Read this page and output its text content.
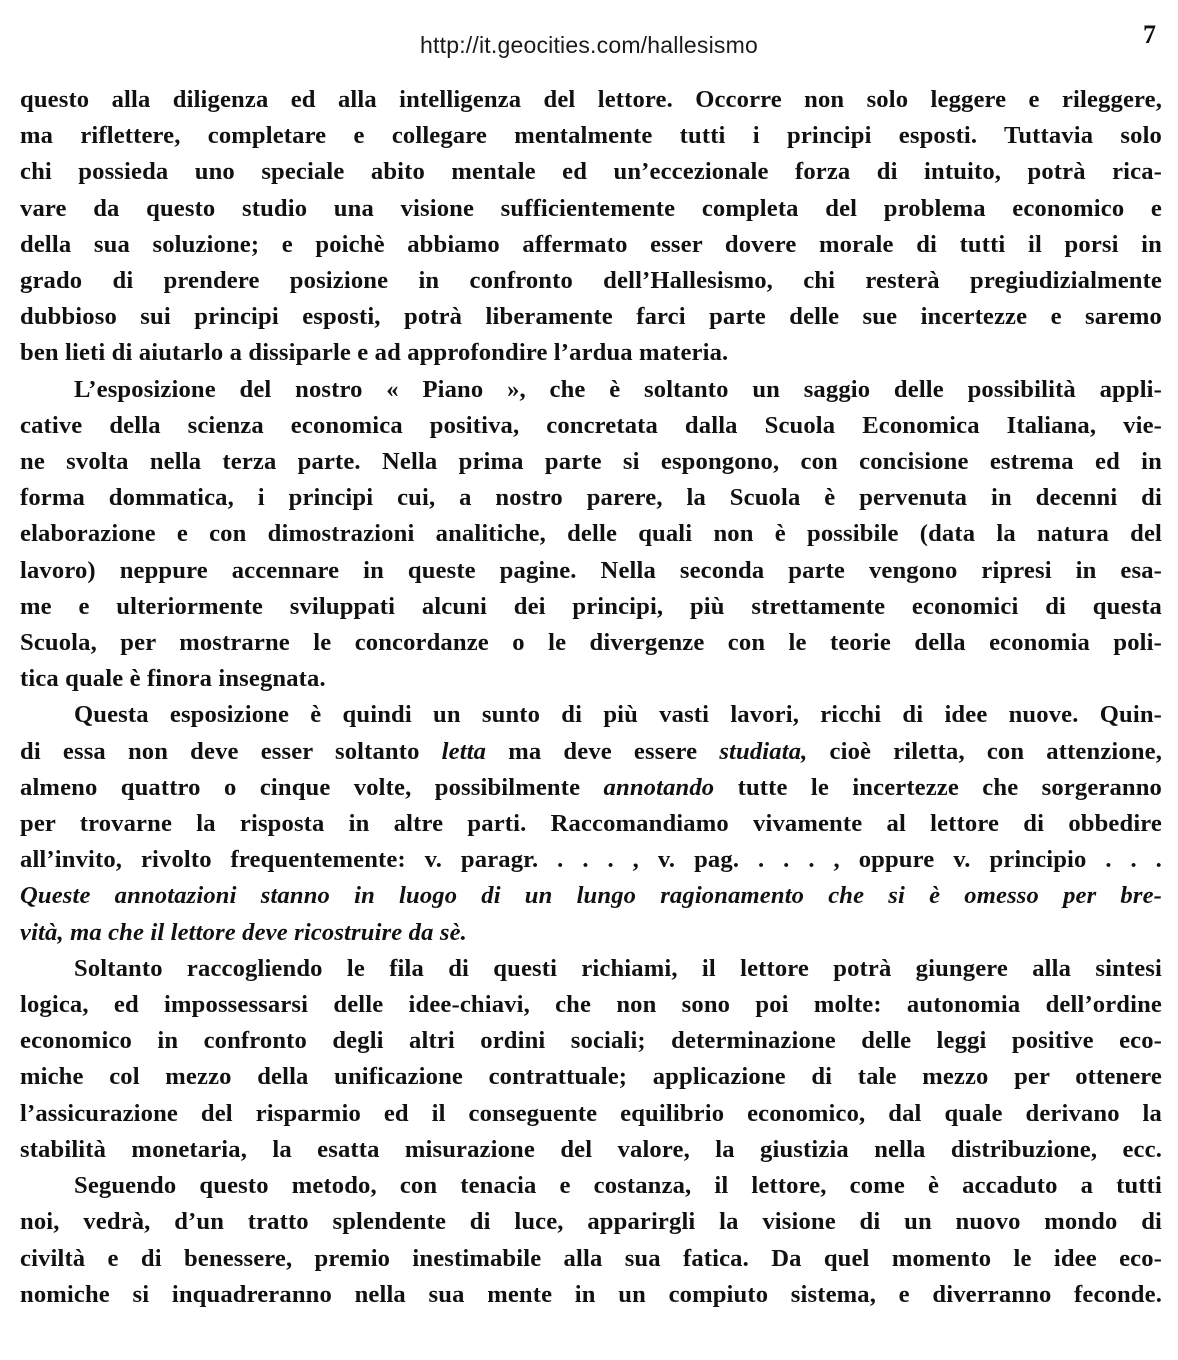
http://it.geocities.com/hallesismo	7

questo alla diligenza ed alla intelligenza del lettore. Occorre non solo leggere e rileggere,
ma riflettere, completare e collegare mentalmente tutti i principi esposti. Tuttavia solo
chi possieda uno speciale abito mentale ed un’eccezionale forza di intuito, potrà rica-
vare da questo studio una visione sufficientemente completa del problema economico e
della sua soluzione; e poichè abbiamo affermato esser dovere morale di tutti il porsi in
grado di prendere posizione in confronto dell’Hallesismo, chi resterà pregiudizialmente
dubbioso sui principi esposti, potrà liberamente farci parte delle sue incertezze e saremo
ben lieti di aiutarlo a dissiparle e ad approfondire l’ardua materia.

L’esposizione del nostro « Piano », che è soltanto un saggio delle possibilità appli-
cative della scienza economica positiva, concretata dalla Scuola Economica Italiana, vie-
ne svolta nella terza parte. Nella prima parte si espongono, con concisione estrema ed in
forma dommatica, i principi cui, a nostro parere, la Scuola è pervenuta in decenni di
elaborazione e con dimostrazioni analitiche, delle quali non è possibile (data la natura del
lavoro) neppure accennare in queste pagine. Nella seconda parte vengono ripresi in esa-
me e ulteriormente sviluppati alcuni dei principi, più strettamente economici di questa
Scuola, per mostrarne le concordanze o le divergenze con le teorie della economia poli-
tica quale è finora insegnata.

Questa esposizione è quindi un sunto di più vasti lavori, ricchi di idee nuove. Quin-
di essa non deve esser soltanto letta ma deve essere studiata, cioè riletta, con attenzione,
almeno quattro o cinque volte, possibilmente annotando tutte le incertezze che sorgeranno
per trovarne la risposta in altre parti. Raccomandiamo vivamente al lettore di obbedire
all’invito, rivolto frequentemente: v. paragr. . . . , v. pag. . . . , oppure v. principio . . .
Queste annotazioni stanno in luogo di un lungo ragionamento che si è omesso per bre-
vità, ma che il lettore deve ricostruire da sè.

Soltanto raccogliendo le fila di questi richiami, il lettore potrà giungere alla sintesi
logica, ed impossessarsi delle idee-chiavi, che non sono poi molte: autonomia dell’ordine
economico in confronto degli altri ordini sociali; determinazione delle leggi positive eco-
miche col mezzo della unificazione contrattuale; applicazione di tale mezzo per ottenere
l’assicurazione del risparmio ed il conseguente equilibrio economico, dal quale derivano la
stabilità monetaria, la esatta misurazione del valore, la giustizia nella distribuzione, ecc.

Seguendo questo metodo, con tenacia e costanza, il lettore, come è accaduto a tutti
noi, vedrà, d’un tratto splendente di luce, apparirgli la visione di un nuovo mondo di
civiltà e di benessere, premio inestimabile alla sua fatica. Da quel momento le idee eco-
nomiche si inquadreranno nella sua mente in un compiuto sistema, e diverranno feconde.
